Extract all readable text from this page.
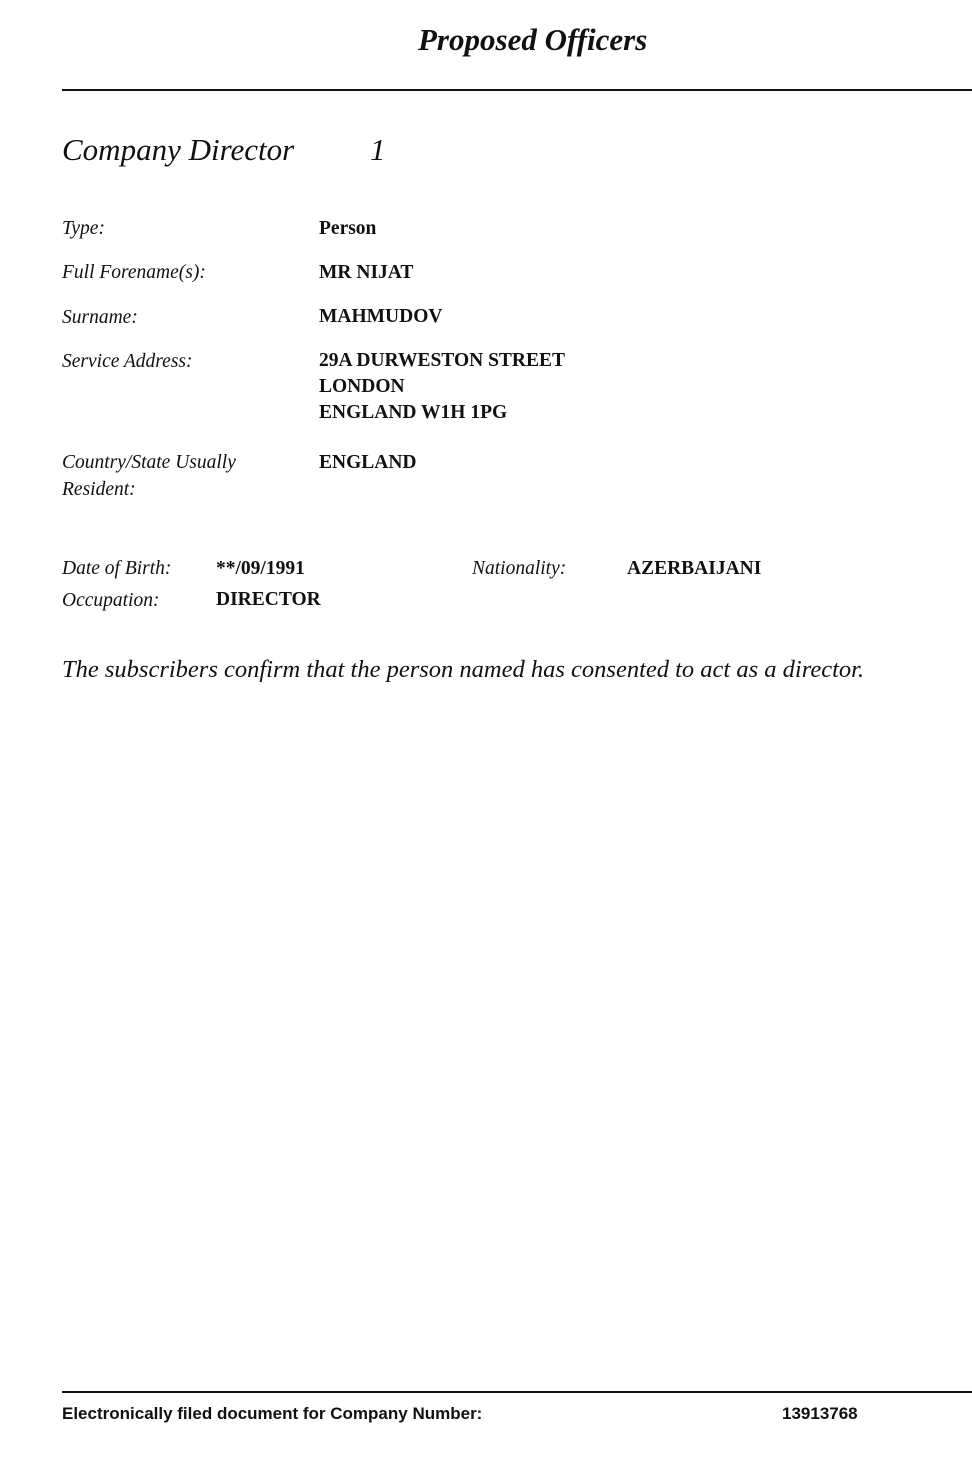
Proposed Officers
Company Director 1
Type:	Person
Full Forename(s):	MR NIJAT
Surname:	MAHMUDOV
Service Address:	29A DURWESTON STREET
LONDON
ENGLAND W1H 1PG
Country/State Usually Resident:
ENGLAND
Date of Birth: **/09/1991	Nationality:	AZERBAIJANI
Occupation:	DIRECTOR
The subscribers confirm that the person named has consented to act as a director.
Electronically filed document for Company Number:	13913768
